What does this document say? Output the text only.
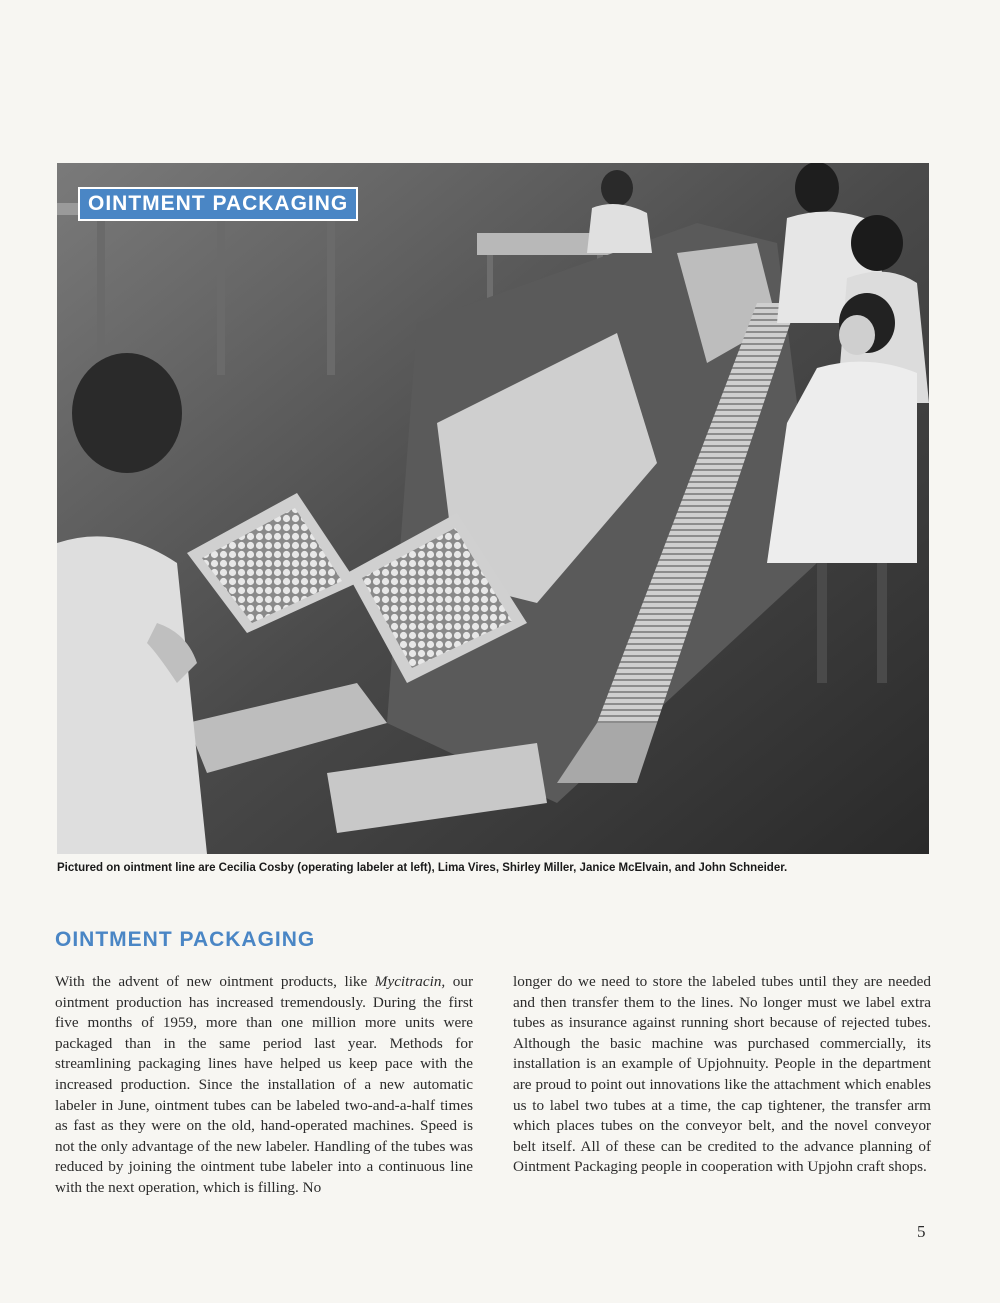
OINTMENT PACKAGING
Pictured on ointment line are Cecilia Cosby (operating labeler at left), Lima Vires, Shirley Miller, Janice McElvain, and John Schneider.
OINTMENT PACKAGING
With the advent of new ointment products, like Mycitracin, our ointment production has increased tremendously. During the first five months of 1959, more than one million more units were packaged than in the same period last year. Methods for streamlining packaging lines have helped us keep pace with the increased production. Since the installation of a new automatic labeler in June, ointment tubes can be labeled two-and-a-half times as fast as they were on the old, hand-operated machines. Speed is not the only advantage of the new labeler. Handling of the tubes was reduced by joining the ointment tube labeler into a continuous line with the next operation, which is filling. No
longer do we need to store the labeled tubes until they are needed and then transfer them to the lines. No longer must we label extra tubes as insurance against running short because of rejected tubes. Although the basic machine was purchased commercially, its installation is an example of Upjohnuity. People in the department are proud to point out innovations like the attachment which enables us to label two tubes at a time, the cap tightener, the transfer arm which places tubes on the conveyor belt, and the novel conveyor belt itself. All of these can be credited to the advance planning of Ointment Packaging people in cooperation with Upjohn craft shops.
5
